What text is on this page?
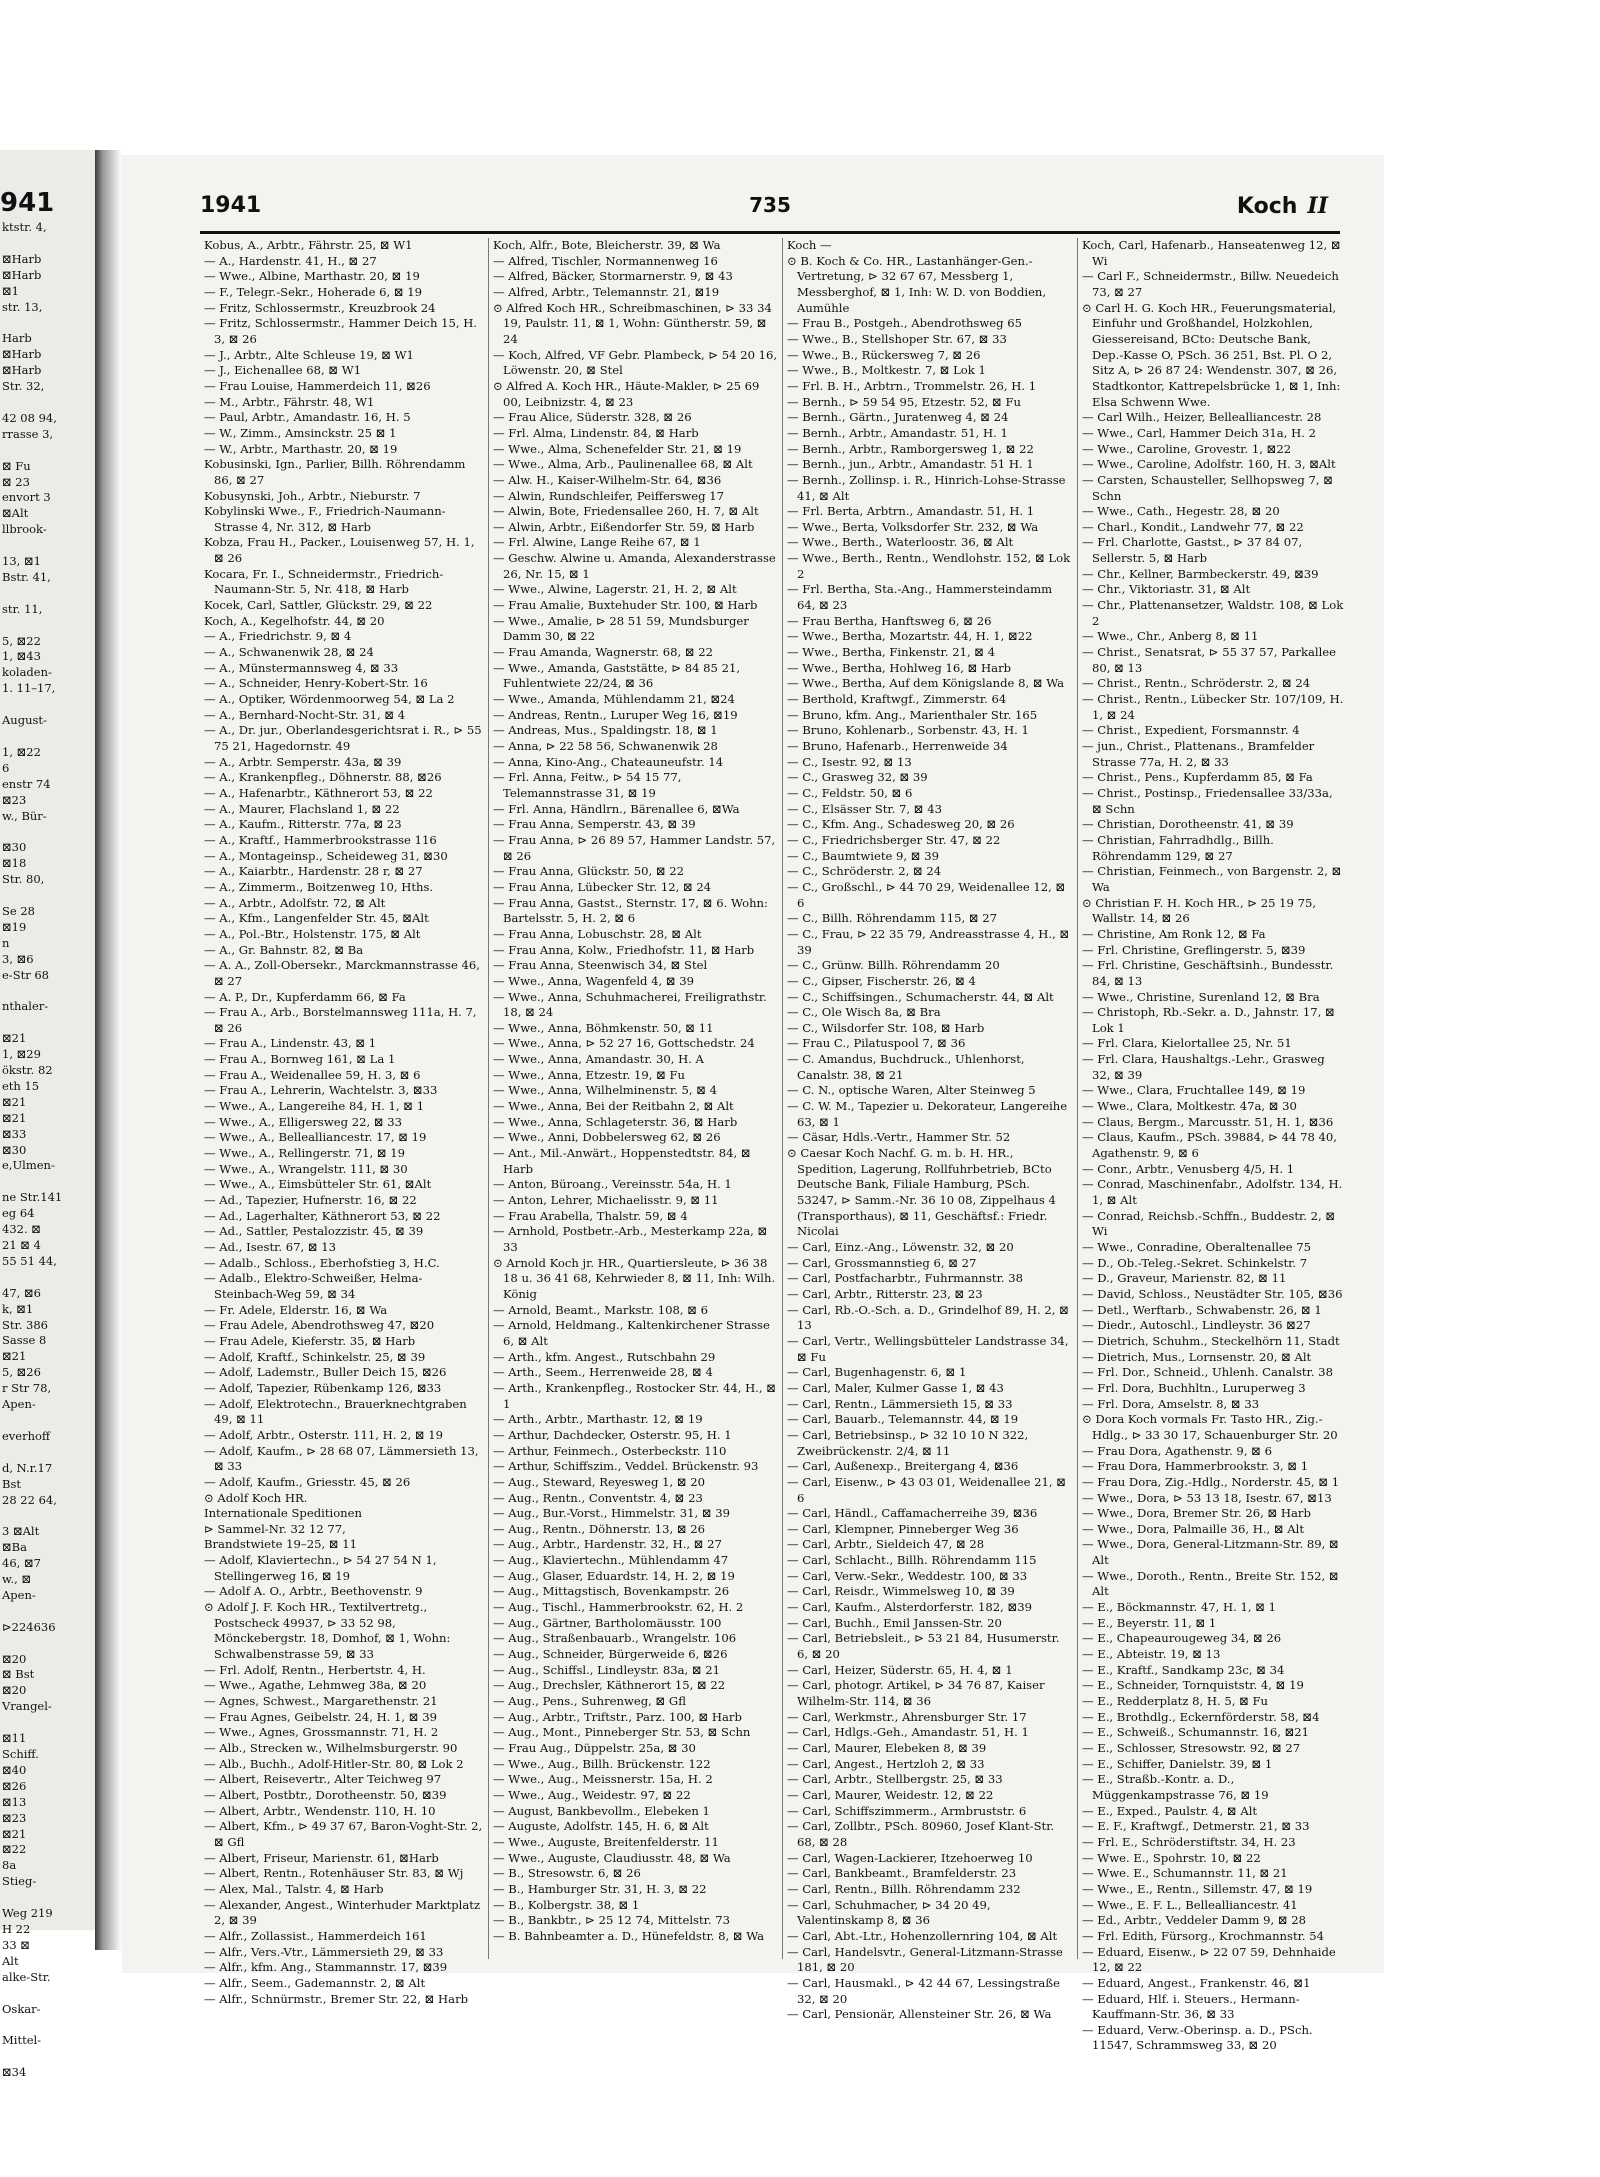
941
ktstr. 4,

⊠Harb
⊠Harb
⊠1
str. 13,

Harb
⊠Harb
⊠Harb
Str. 32,

42 08 94,
rrasse 3,

⊠ Fu
⊠ 23
envort 3
⊠Alt
llbrook-

13, ⊠1
Bstr. 41,

str. 11,

5, ⊠22
1, ⊠43
koladen-
1. 11–17,

August-

1, ⊠22
6
enstr 74
⊠23
w., Bür-

⊠30
⊠18
Str. 80,

Se 28
⊠19
n
3, ⊠6
e-Str 68

nthaler-

⊠21
1, ⊠29
ökstr. 82
eth 15
⊠21
⊠21
⊠33
⊠30
e,Ulmen-

ne Str.141
eg 64
432. ⊠
21 ⊠ 4
55 51 44,

47, ⊠6
k, ⊠1
Str. 386
Sasse 8
⊠21
5, ⊠26
r Str 78,
Apen-

everhoff

d, N.r.17
Bst
28 22 64,

3 ⊠Alt
⊠Ba
46, ⊠7
w., ⊠
Apen-

⊳224636

⊠20
⊠ Bst
⊠20
Vrangel-

⊠11
Schiff.
⊠40
⊠26
⊠13
⊠23
⊠21
⊠22
8a
Stieg-

Weg 219
H 22
33 ⊠
Alt
alke-Str.

Oskar-

Mittel-

⊠34
1941	735	Koch II
Kobus, A., Arbtr., Fährstr. 25, ⊠ W1
— A., Hardenstr. 41, H., ⊠ 27
— Wwe., Albine, Marthastr. 20, ⊠ 19
— F., Telegr.-Sekr., Hoherade 6, ⊠ 19
— Fritz, Schlossermstr., Kreuzbrook 24
— Fritz, Schlossermstr., Hammer Deich 15, H. 3, ⊠ 26
— J., Arbtr., Alte Schleuse 19, ⊠ W1
— J., Eichenallee 68, ⊠ W1
— Frau Louise, Hammerdeich 11, ⊠26
— M., Arbtr., Fährstr. 48, W1
— Paul, Arbtr., Amandastr. 16, H. 5
— W., Zimm., Amsinckstr. 25 ⊠ 1
— W., Arbtr., Marthastr. 20, ⊠ 19
Kobusinski, Ign., Parlier, Billh. Röhrendamm 86, ⊠ 27
Kobusynski, Joh., Arbtr., Nieburstr. 7
Kobylinski Wwe., F., Friedrich-Naumann-Strasse 4, Nr. 312, ⊠ Harb
Kobza, Frau H., Packer., Louisenweg 57, H. 1, ⊠ 26
Kocara, Fr. I., Schneidermstr., Friedrich-Naumann-Str. 5, Nr. 418, ⊠ Harb
Kocek, Carl, Sattler, Glückstr. 29, ⊠ 22
Koch, A., Kegelhofstr. 44, ⊠ 20
— A., Friedrichstr. 9, ⊠ 4
— A., Schwanenwik 28, ⊠ 24
— A., Münstermannsweg 4, ⊠ 33
— A., Schneider, Henry-Kobert-Str. 16
— A., Optiker, Wördenmoorweg 54, ⊠ La 2
— A., Bernhard-Nocht-Str. 31, ⊠ 4
— A., Dr. jur., Oberlandesgerichtsrat i. R., ⊳ 55 75 21, Hagedornstr. 49
— A., Arbtr. Semperstr. 43a, ⊠ 39
— A., Krankenpfleg., Döhnerstr. 88, ⊠26
— A., Hafenarbtr., Käthnerort 53, ⊠ 22
— A., Maurer, Flachsland 1, ⊠ 22
— A., Kaufm., Ritterstr. 77a, ⊠ 23
— A., Kraftf., Hammerbrookstrasse 116
— A., Montageinsp., Scheideweg 31, ⊠30
— A., Kaiarbtr., Hardenstr. 28 r, ⊠ 27
— A., Zimmerm., Boitzenweg 10, Hths.
— A., Arbtr., Adolfstr. 72, ⊠ Alt
— A., Kfm., Langenfelder Str. 45, ⊠Alt
— A., Pol.-Btr., Holstenstr. 175, ⊠ Alt
— A., Gr. Bahnstr. 82, ⊠ Ba
— A. A., Zoll-Obersekr., Marckmannstrasse 46, ⊠ 27
— A. P., Dr., Kupferdamm 66, ⊠ Fa
— Frau A., Arb., Borstelmannsweg 111a, H. 7, ⊠ 26
— Frau A., Lindenstr. 43, ⊠ 1
— Frau A., Bornweg 161, ⊠ La 1
— Frau A., Weidenallee 59, H. 3, ⊠ 6
— Frau A., Lehrerin, Wachtelstr. 3, ⊠33
— Wwe., A., Langereihe 84, H. 1, ⊠ 1
— Wwe., A., Elligersweg 22, ⊠ 33
— Wwe., A., Bellealliancestr. 17, ⊠ 19
— Wwe., A., Rellingerstr. 71, ⊠ 19
— Wwe., A., Wrangelstr. 111, ⊠ 30
— Wwe., A., Eimsbütteler Str. 61, ⊠Alt
— Ad., Tapezier, Hufnerstr. 16, ⊠ 22
— Ad., Lagerhalter, Käthnerort 53, ⊠ 22
— Ad., Sattler, Pestalozzistr. 45, ⊠ 39
— Ad., Isestr. 67, ⊠ 13
— Adalb., Schloss., Eberhofstieg 3, H.C.
— Adalb., Elektro-Schweißer, Helma-Steinbach-Weg 59, ⊠ 34
— Fr. Adele, Elderstr. 16, ⊠ Wa
— Frau Adele, Abendrothsweg 47, ⊠20
— Frau Adele, Kieferstr. 35, ⊠ Harb
— Adolf, Kraftf., Schinkelstr. 25, ⊠ 39
— Adolf, Lademstr., Buller Deich 15, ⊠26
— Adolf, Tapezier, Rübenkamp 126, ⊠33
— Adolf, Elektrotechn., Brauerknechtgraben 49, ⊠ 11
— Adolf, Arbtr., Osterstr. 111, H. 2, ⊠ 19
— Adolf, Kaufm., ⊳ 28 68 07, Lämmersieth 13, ⊠ 33
— Adolf, Kaufm., Griesstr. 45, ⊠ 26
⊙ Adolf Koch HR.
Internationale Speditionen
⊳ Sammel-Nr. 32 12 77,
Brandstwiete 19–25, ⊠ 11
— Adolf, Klaviertechn., ⊳ 54 27 54 N 1, Stellingerweg 16, ⊠ 19
— Adolf A. O., Arbtr., Beethovenstr. 9
⊙ Adolf J. F. Koch HR., Textilvertretg., Postscheck 49937, ⊳ 33 52 98, Mönckebergstr. 18, Domhof, ⊠ 1, Wohn: Schwalbenstrasse 59, ⊠ 33
— Frl. Adolf, Rentn., Herbertstr. 4, H.
— Wwe., Agathe, Lehmweg 38a, ⊠ 20
— Agnes, Schwest., Margarethenstr. 21
— Frau Agnes, Geibelstr. 24, H. 1, ⊠ 39
— Wwe., Agnes, Grossmannstr. 71, H. 2
— Alb., Strecken w., Wilhelmsburgerstr. 90
— Alb., Buchh., Adolf-Hitler-Str. 80, ⊠ Lok 2
— Albert, Reisevertr., Alter Teichweg 97
— Albert, Postbtr., Dorotheenstr. 50, ⊠39
— Albert, Arbtr., Wendenstr. 110, H. 10
— Albert, Kfm., ⊳ 49 37 67, Baron-Voght-Str. 2, ⊠ Gfl
— Albert, Friseur, Marienstr. 61, ⊠Harb
— Albert, Rentn., Rotenhäuser Str. 83, ⊠ Wj
— Alex, Mal., Talstr. 4, ⊠ Harb
— Alexander, Angest., Winterhuder Marktplatz 2, ⊠ 39
— Alfr., Zollassist., Hammerdeich 161
— Alfr., Vers.-Vtr., Lämmersieth 29, ⊠ 33
— Alfr., kfm. Ang., Stammannstr. 17, ⊠39
— Alfr., Seem., Gademannstr. 2, ⊠ Alt
— Alfr., Schnürmstr., Bremer Str. 22, ⊠ Harb
Koch, Alfr., Bote, Bleicherstr. 39, ⊠ Wa
— Alfred, Tischler, Normannenweg 16
— Alfred, Bäcker, Stormarnerstr. 9, ⊠ 43
— Alfred, Arbtr., Telemannstr. 21, ⊠19
⊙ Alfred Koch HR., Schreibmaschinen, ⊳ 33 34 19, Paulstr. 11, ⊠ 1, Wohn: Güntherstr. 59, ⊠ 24
— Koch, Alfred, VF Gebr. Plambeck, ⊳ 54 20 16, Löwenstr. 20, ⊠ Stel
⊙ Alfred A. Koch HR., Häute-Makler, ⊳ 25 69 00, Leibnizstr. 4, ⊠ 23
— Frau Alice, Süderstr. 328, ⊠ 26
— Frl. Alma, Lindenstr. 84, ⊠ Harb
— Wwe., Alma, Schenefelder Str. 21, ⊠ 19
— Wwe., Alma, Arb., Paulinenallee 68, ⊠ Alt
— Alw. H., Kaiser-Wilhelm-Str. 64, ⊠36
— Alwin, Rundschleifer, Peiffersweg 17
— Alwin, Bote, Friedensallee 260, H. 7, ⊠ Alt
— Alwin, Arbtr., Eißendorfer Str. 59, ⊠ Harb
— Frl. Alwine, Lange Reihe 67, ⊠ 1
— Geschw. Alwine u. Amanda, Alexanderstrasse 26, Nr. 15, ⊠ 1
— Wwe., Alwine, Lagerstr. 21, H. 2, ⊠ Alt
— Frau Amalie, Buxtehuder Str. 100, ⊠ Harb
— Wwe., Amalie, ⊳ 28 51 59, Mundsburger Damm 30, ⊠ 22
— Frau Amanda, Wagnerstr. 68, ⊠ 22
— Wwe., Amanda, Gaststätte, ⊳ 84 85 21, Fuhlentwiete 22/24, ⊠ 36
— Wwe., Amanda, Mühlendamm 21, ⊠24
— Andreas, Rentn., Luruper Weg 16, ⊠19
— Andreas, Mus., Spaldingstr. 18, ⊠ 1
— Anna, ⊳ 22 58 56, Schwanenwik 28
— Anna, Kino-Ang., Chateauneufstr. 14
— Frl. Anna, Feitw., ⊳ 54 15 77, Telemannstrasse 31, ⊠ 19
— Frl. Anna, Händlrn., Bärenallee 6, ⊠Wa
— Frau Anna, Semperstr. 43, ⊠ 39
— Frau Anna, ⊳ 26 89 57, Hammer Landstr. 57, ⊠ 26
— Frau Anna, Glückstr. 50, ⊠ 22
— Frau Anna, Lübecker Str. 12, ⊠ 24
— Frau Anna, Gastst., Sternstr. 17, ⊠ 6. Wohn: Bartelsstr. 5, H. 2, ⊠ 6
— Frau Anna, Lobuschstr. 28, ⊠ Alt
— Frau Anna, Kolw., Friedhofstr. 11, ⊠ Harb
— Frau Anna, Steenwisch 34, ⊠ Stel
— Wwe., Anna, Wagenfeld 4, ⊠ 39
— Wwe., Anna, Schuhmacherei, Freiligrathstr. 18, ⊠ 24
— Wwe., Anna, Böhmkenstr. 50, ⊠ 11
— Wwe., Anna, ⊳ 52 27 16, Gottschedstr. 24
— Wwe., Anna, Amandastr. 30, H. A
— Wwe., Anna, Etzestr. 19, ⊠ Fu
— Wwe., Anna, Wilhelminenstr. 5, ⊠ 4
— Wwe., Anna, Bei der Reitbahn 2, ⊠ Alt
— Wwe., Anna, Schlageterstr. 36, ⊠ Harb
— Wwe., Anni, Dobbelersweg 62, ⊠ 26
— Ant., Mil.-Anwärt., Hoppenstedtstr. 84, ⊠ Harb
— Anton, Büroang., Vereinsstr. 54a, H. 1
— Anton, Lehrer, Michaelisstr. 9, ⊠ 11
— Frau Arabella, Thalstr. 59, ⊠ 4
— Arnhold, Postbetr.-Arb., Mesterkamp 22a, ⊠ 33
⊙ Arnold Koch jr. HR., Quartiersleute, ⊳ 36 38 18 u. 36 41 68, Kehrwieder 8, ⊠ 11, Inh: Wilh. König
— Arnold, Beamt., Markstr. 108, ⊠ 6
— Arnold, Heldmang., Kaltenkirchener Strasse 6, ⊠ Alt
— Arth., kfm. Angest., Rutschbahn 29
— Arth., Seem., Herrenweide 28, ⊠ 4
— Arth., Krankenpfleg., Rostocker Str. 44, H., ⊠ 1
— Arth., Arbtr., Marthastr. 12, ⊠ 19
— Arthur, Dachdecker, Osterstr. 95, H. 1
— Arthur, Feinmech., Osterbeckstr. 110
— Arthur, Schiffszim., Veddel. Brückenstr. 93
— Aug., Steward, Reyesweg 1, ⊠ 20
— Aug., Rentn., Conventstr. 4, ⊠ 23
— Aug., Bur.-Vorst., Himmelstr. 31, ⊠ 39
— Aug., Rentn., Döhnerstr. 13, ⊠ 26
— Aug., Arbtr., Hardenstr. 32, H., ⊠ 27
— Aug., Klaviertechn., Mühlendamm 47
— Aug., Glaser, Eduardstr. 14, H. 2, ⊠ 19
— Aug., Mittagstisch, Bovenkampstr. 26
— Aug., Tischl., Hammerbrookstr. 62, H. 2
— Aug., Gärtner, Bartholomäusstr. 100
— Aug., Straßenbauarb., Wrangelstr. 106
— Aug., Schneider, Bürgerweide 6, ⊠26
— Aug., Schiffsl., Lindleystr. 83a, ⊠ 21
— Aug., Drechsler, Käthnerort 15, ⊠ 22
— Aug., Pens., Suhrenweg, ⊠ Gfl
— Aug., Arbtr., Triftstr., Parz. 100, ⊠ Harb
— Aug., Mont., Pinneberger Str. 53, ⊠ Schn
— Frau Aug., Düppelstr. 25a, ⊠ 30
— Wwe., Aug., Billh. Brückenstr. 122
— Wwe., Aug., Meissnerstr. 15a, H. 2
— Wwe., Aug., Weidestr. 97, ⊠ 22
— August, Bankbevollm., Elebeken 1
— Auguste, Adolfstr. 145, H. 6, ⊠ Alt
— Wwe., Auguste, Breitenfelderstr. 11
— Wwe., Auguste, Claudiusstr. 48, ⊠ Wa
— B., Stresowstr. 6, ⊠ 26
— B., Hamburger Str. 31, H. 3, ⊠ 22
— B., Kolbergstr. 38, ⊠ 1
— B., Bankbtr., ⊳ 25 12 74, Mittelstr. 73
— B. Bahnbeamter a. D., Hünefeldstr. 8, ⊠ Wa
Koch —
⊙ B. Koch & Co. HR., Lastanhänger-Gen.-Vertretung, ⊳ 32 67 67, Messberg 1, Messberghof, ⊠ 1, Inh: W. D. von Boddien, Aumühle
— Frau B., Postgeh., Abendrothsweg 65
— Wwe., B., Stellshoper Str. 67, ⊠ 33
— Wwe., B., Rückersweg 7, ⊠ 26
— Wwe., B., Moltkestr. 7, ⊠ Lok 1
— Frl. B. H., Arbtrn., Trommelstr. 26, H. 1
— Bernh., ⊳ 59 54 95, Etzestr. 52, ⊠ Fu
— Bernh., Gärtn., Juratenweg 4, ⊠ 24
— Bernh., Arbtr., Amandastr. 51, H. 1
— Bernh., Arbtr., Ramborgersweg 1, ⊠ 22
— Bernh., jun., Arbtr., Amandastr. 51 H. 1
— Bernh., Zollinsp. i. R., Hinrich-Lohse-Strasse 41, ⊠ Alt
— Frl. Berta, Arbtrn., Amandastr. 51, H. 1
— Wwe., Berta, Volksdorfer Str. 232, ⊠ Wa
— Wwe., Berth., Waterloostr. 36, ⊠ Alt
— Wwe., Berth., Rentn., Wendlohstr. 152, ⊠ Lok 2
— Frl. Bertha, Sta.-Ang., Hammersteindamm 64, ⊠ 23
— Frau Bertha, Hanftsweg 6, ⊠ 26
— Wwe., Bertha, Mozartstr. 44, H. 1, ⊠22
— Wwe., Bertha, Finkenstr. 21, ⊠ 4
— Wwe., Bertha, Hohlweg 16, ⊠ Harb
— Wwe., Bertha, Auf dem Königslande 8, ⊠ Wa
— Berthold, Kraftwgf., Zimmerstr. 64
— Bruno, kfm. Ang., Marienthaler Str. 165
— Bruno, Kohlenarb., Sorbenstr. 43, H. 1
— Bruno, Hafenarb., Herrenweide 34
— C., Isestr. 92, ⊠ 13
— C., Grasweg 32, ⊠ 39
— C., Feldstr. 50, ⊠ 6
— C., Elsässer Str. 7, ⊠ 43
— C., Kfm. Ang., Schadesweg 20, ⊠ 26
— C., Friedrichsberger Str. 47, ⊠ 22
— C., Baumtwiete 9, ⊠ 39
— C., Schröderstr. 2, ⊠ 24
— C., Großschl., ⊳ 44 70 29, Weidenallee 12, ⊠ 6
— C., Billh. Röhrendamm 115, ⊠ 27
— C., Frau, ⊳ 22 35 79, Andreasstrasse 4, H., ⊠ 39
— C., Grünw. Billh. Röhrendamm 20
— C., Gipser, Fischerstr. 26, ⊠ 4
— C., Schiffsingen., Schumacherstr. 44, ⊠ Alt
— C., Ole Wisch 8a, ⊠ Bra
— C., Wilsdorfer Str. 108, ⊠ Harb
— Frau C., Pilatuspool 7, ⊠ 36
— C. Amandus, Buchdruck., Uhlenhorst, Canalstr. 38, ⊠ 21
— C. N., optische Waren, Alter Steinweg 5
— C. W. M., Tapezier u. Dekorateur, Langereihe 63, ⊠ 1
— Cäsar, Hdls.-Vertr., Hammer Str. 52
⊙ Caesar Koch Nachf. G. m. b. H. HR., Spedition, Lagerung, Rollfuhrbetrieb, BCto Deutsche Bank, Filiale Hamburg, PSch. 53247, ⊳ Samm.-Nr. 36 10 08, Zippelhaus 4 (Transporthaus), ⊠ 11, Geschäftsf.: Friedr. Nicolai
— Carl, Einz.-Ang., Löwenstr. 32, ⊠ 20
— Carl, Grossmannstieg 6, ⊠ 27
— Carl, Postfacharbtr., Fuhrmannstr. 38
— Carl, Arbtr., Ritterstr. 23, ⊠ 23
— Carl, Rb.-O.-Sch. a. D., Grindelhof 89, H. 2, ⊠ 13
— Carl, Vertr., Wellingsbütteler Landstrasse 34, ⊠ Fu
— Carl, Bugenhagenstr. 6, ⊠ 1
— Carl, Maler, Kulmer Gasse 1, ⊠ 43
— Carl, Rentn., Lämmersieth 15, ⊠ 33
— Carl, Bauarb., Telemannstr. 44, ⊠ 19
— Carl, Betriebsinsp., ⊳ 32 10 10 N 322, Zweibrückenstr. 2/4, ⊠ 11
— Carl, Außenexp., Breitergang 4, ⊠36
— Carl, Eisenw., ⊳ 43 03 01, Weidenallee 21, ⊠ 6
— Carl, Händl., Caffamacherreihe 39, ⊠36
— Carl, Klempner, Pinneberger Weg 36
— Carl, Arbtr., Sieldeich 47, ⊠ 28
— Carl, Schlacht., Billh. Röhrendamm 115
— Carl, Verw.-Sekr., Weddestr. 100, ⊠ 33
— Carl, Reisdr., Wimmelsweg 10, ⊠ 39
— Carl, Kaufm., Alsterdorferstr. 182, ⊠39
— Carl, Buchh., Emil Janssen-Str. 20
— Carl, Betriebsleit., ⊳ 53 21 84, Husumerstr. 6, ⊠ 20
— Carl, Heizer, Süderstr. 65, H. 4, ⊠ 1
— Carl, photogr. Artikel, ⊳ 34 76 87, Kaiser Wilhelm-Str. 114, ⊠ 36
— Carl, Werkmstr., Ahrensburger Str. 17
— Carl, Hdlgs.-Geh., Amandastr. 51, H. 1
— Carl, Maurer, Elebeken 8, ⊠ 39
— Carl, Angest., Hertzloh 2, ⊠ 33
— Carl, Arbtr., Stellbergstr. 25, ⊠ 33
— Carl, Maurer, Weidestr. 12, ⊠ 22
— Carl, Schiffszimmerm., Armbruststr. 6
— Carl, Zollbtr., PSch. 80960, Josef Klant-Str. 68, ⊠ 28
— Carl, Wagen-Lackierer, Itzehoerweg 10
— Carl, Bankbeamt., Bramfelderstr. 23
— Carl, Rentn., Billh. Röhrendamm 232
— Carl, Schuhmacher, ⊳ 34 20 49, Valentinskamp 8, ⊠ 36
— Carl, Abt.-Ltr., Hohenzollernring 104, ⊠ Alt
— Carl, Handelsvtr., General-Litzmann-Strasse 181, ⊠ 20
— Carl, Hausmakl., ⊳ 42 44 67, Lessingstraße 32, ⊠ 20
— Carl, Pensionär, Allensteiner Str. 26, ⊠ Wa
Koch, Carl, Hafenarb., Hanseatenweg 12, ⊠ Wi
— Carl F., Schneidermstr., Billw. Neuedeich 73, ⊠ 27
⊙ Carl H. G. Koch HR., Feuerungsmaterial, Einfuhr und Großhandel, Holzkohlen, Giessereisand, BCto: Deutsche Bank, Dep.-Kasse O, PSch. 36 251, Bst. Pl. O 2, Sitz A, ⊳ 26 87 24: Wendenstr. 307, ⊠ 26, Stadtkontor, Kattrepelsbrücke 1, ⊠ 1, Inh: Elsa Schwenn Wwe.
— Carl Wilh., Heizer, Bellealliancestr. 28
— Wwe., Carl, Hammer Deich 31a, H. 2
— Wwe., Caroline, Grovestr. 1, ⊠22
— Wwe., Caroline, Adolfstr. 160, H. 3, ⊠Alt
— Carsten, Schausteller, Sellhopsweg 7, ⊠ Schn
— Wwe., Cath., Hegestr. 28, ⊠ 20
— Charl., Kondit., Landwehr 77, ⊠ 22
— Frl. Charlotte, Gastst., ⊳ 37 84 07, Sellerstr. 5, ⊠ Harb
— Chr., Kellner, Barmbeckerstr. 49, ⊠39
— Chr., Viktoriastr. 31, ⊠ Alt
— Chr., Plattenansetzer, Waldstr. 108, ⊠ Lok 2
— Wwe., Chr., Anberg 8, ⊠ 11
— Christ., Senatsrat, ⊳ 55 37 57, Parkallee 80, ⊠ 13
— Christ., Rentn., Schröderstr. 2, ⊠ 24
— Christ., Rentn., Lübecker Str. 107/109, H. 1, ⊠ 24
— Christ., Expedient, Forsmannstr. 4
— jun., Christ., Plattenans., Bramfelder Strasse 77a, H. 2, ⊠ 33
— Christ., Pens., Kupferdamm 85, ⊠ Fa
— Christ., Postinsp., Friedensallee 33/33a, ⊠ Schn
— Christian, Dorotheenstr. 41, ⊠ 39
— Christian, Fahrradhdlg., Billh. Röhrendamm 129, ⊠ 27
— Christian, Feinmech., von Bargenstr. 2, ⊠ Wa
⊙ Christian F. H. Koch HR., ⊳ 25 19 75, Wallstr. 14, ⊠ 26
— Christine, Am Ronk 12, ⊠ Fa
— Frl. Christine, Greflingerstr. 5, ⊠39
— Frl. Christine, Geschäftsinh., Bundesstr. 84, ⊠ 13
— Wwe., Christine, Surenland 12, ⊠ Bra
— Christoph, Rb.-Sekr. a. D., Jahnstr. 17, ⊠ Lok 1
— Frl. Clara, Kielortallee 25, Nr. 51
— Frl. Clara, Haushaltgs.-Lehr., Grasweg 32, ⊠ 39
— Wwe., Clara, Fruchtallee 149, ⊠ 19
— Wwe., Clara, Moltkestr. 47a, ⊠ 30
— Claus, Bergm., Marcusstr. 51, H. 1, ⊠36
— Claus, Kaufm., PSch. 39884, ⊳ 44 78 40, Agathenstr. 9, ⊠ 6
— Conr., Arbtr., Venusberg 4/5, H. 1
— Conrad, Maschinenfabr., Adolfstr. 134, H. 1, ⊠ Alt
— Conrad, Reichsb.-Schffn., Buddestr. 2, ⊠ Wi
— Wwe., Conradine, Oberaltenallee 75
— D., Ob.-Teleg.-Sekret. Schinkelstr. 7
— D., Graveur, Marienstr. 82, ⊠ 11
— David, Schloss., Neustädter Str. 105, ⊠36
— Detl., Werftarb., Schwabenstr. 26, ⊠ 1
— Diedr., Autoschl., Lindleystr. 36 ⊠27
— Dietrich, Schuhm., Steckelhörn 11, Stadt
— Dietrich, Mus., Lornsenstr. 20, ⊠ Alt
— Frl. Dor., Schneid., Uhlenh. Canalstr. 38
— Frl. Dora, Buchhltn., Luruperweg 3
— Frl. Dora, Amselstr. 8, ⊠ 33
⊙ Dora Koch vormals Fr. Tasto HR., Zig.-Hdlg., ⊳ 33 30 17, Schauenburger Str. 20
— Frau Dora, Agathenstr. 9, ⊠ 6
— Frau Dora, Hammerbrookstr. 3, ⊠ 1
— Frau Dora, Zig.-Hdlg., Norderstr. 45, ⊠ 1
— Wwe., Dora, ⊳ 53 13 18, Isestr. 67, ⊠13
— Wwe., Dora, Bremer Str. 26, ⊠ Harb
— Wwe., Dora, Palmaille 36, H., ⊠ Alt
— Wwe., Dora, General-Litzmann-Str. 89, ⊠ Alt
— Wwe., Doroth., Rentn., Breite Str. 152, ⊠ Alt
— E., Böckmannstr. 47, H. 1, ⊠ 1
— E., Beyerstr. 11, ⊠ 1
— E., Chapeaurougeweg 34, ⊠ 26
— E., Abteistr. 19, ⊠ 13
— E., Kraftf., Sandkamp 23c, ⊠ 34
— E., Schneider, Tornquiststr. 4, ⊠ 19
— E., Redderplatz 8, H. 5, ⊠ Fu
— E., Brothdlg., Eckernförderstr. 58, ⊠4
— E., Schweiß., Schumannstr. 16, ⊠21
— E., Schlosser, Stresowstr. 92, ⊠ 27
— E., Schiffer, Danielstr. 39, ⊠ 1
— E., Straßb.-Kontr. a. D., Müggenkampstrasse 76, ⊠ 19
— E., Exped., Paulstr. 4, ⊠ Alt
— E. F., Kraftwgf., Detmerstr. 21, ⊠ 33
— Frl. E., Schröderstiftstr. 34, H. 23
— Wwe. E., Spohrstr. 10, ⊠ 22
— Wwe. E., Schumannstr. 11, ⊠ 21
— Wwe., E., Rentn., Sillemstr. 47, ⊠ 19
— Wwe., E. F. L., Bellealliancestr. 41
— Ed., Arbtr., Veddeler Damm 9, ⊠ 28
— Frl. Edith, Fürsorg., Krochmannstr. 54
— Eduard, Eisenw., ⊳ 22 07 59, Dehnhaide 12, ⊠ 22
— Eduard, Angest., Frankenstr. 46, ⊠1
— Eduard, Hlf. i. Steuers., Hermann-Kauffmann-Str. 36, ⊠ 33
— Eduard, Verw.-Oberinsp. a. D., PSch. 11547, Schrammsweg 33, ⊠ 20
